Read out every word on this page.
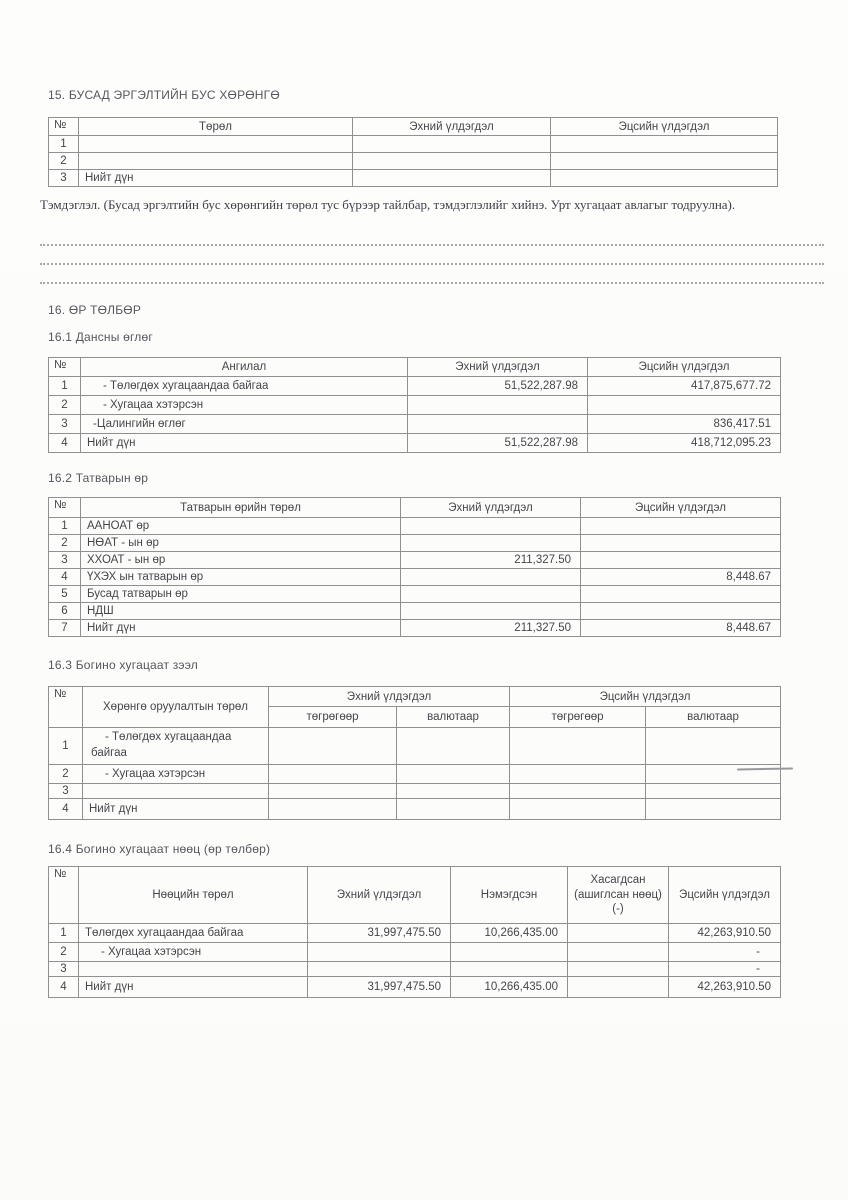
15. БУСАД ЭРГЭЛТИЙН БУС ХӨРӨНГӨ
№	Төрөл	Эхний үлдэгдэл	Эцсийн үлдэгдэл
1			
2			
3	Нийт дүн		
Тэмдэглэл. (Бусад эргэлтийн бус хөрөнгийн төрөл тус бүрээр тайлбар, тэмдэглэлийг хийнэ. Урт хугацаат авлагыг тодруулна).
16. ӨР ТӨЛБӨР
16.1 Дансны өглөг
№	Ангилал	Эхний үлдэгдэл	Эцсийн үлдэгдэл
1	- Төлөгдөх хугацаандаа байгаа	51,522,287.98	417,875,677.72
2	- Хугацаа хэтэрсэн		
3	-Цалингийн өглөг		836,417.51
4	Нийт дүн	51,522,287.98	418,712,095.23
16.2 Татварын өр
№	Татварын өрийн төрөл	Эхний үлдэгдэл	Эцсийн үлдэгдэл
1	ААНОАТ өр		
2	НӨАТ - ын өр		
3	ХХОАТ - ын өр	211,327.50	
4	ҮХЭХ ын татварын өр		8,448.67
5	Бусад татварын өр		
6	НДШ		
7	Нийт дүн	211,327.50	8,448.67
16.3 Богино хугацаат зээл
№	Хөрөнгө оруулалтын төрөл	Эхний үлдэгдэл		Эцсийн үлдэгдэл	
		төгрөгөөр	валютаар	төгрөгөөр	валютаар
1	- Төлөгдөх хугацаандаа байгаа				
2	- Хугацаа хэтэрсэн				
3					
4	Нийт дүн				
16.4 Богино хугацаат нөөц (өр төлбөр)
№	Нөөцийн төрөл	Эхний үлдэгдэл	Нэмэгдсэн	Хасагдсан (ашиглсан нөөц) (-)	Эцсийн үлдэгдэл
1	Төлөгдөх хугацаандаа байгаа	31,997,475.50	10,266,435.00		42,263,910.50
2	- Хугацаа хэтэрсэн				-
3					-
4	Нийт дүн	31,997,475.50	10,266,435.00		42,263,910.50
